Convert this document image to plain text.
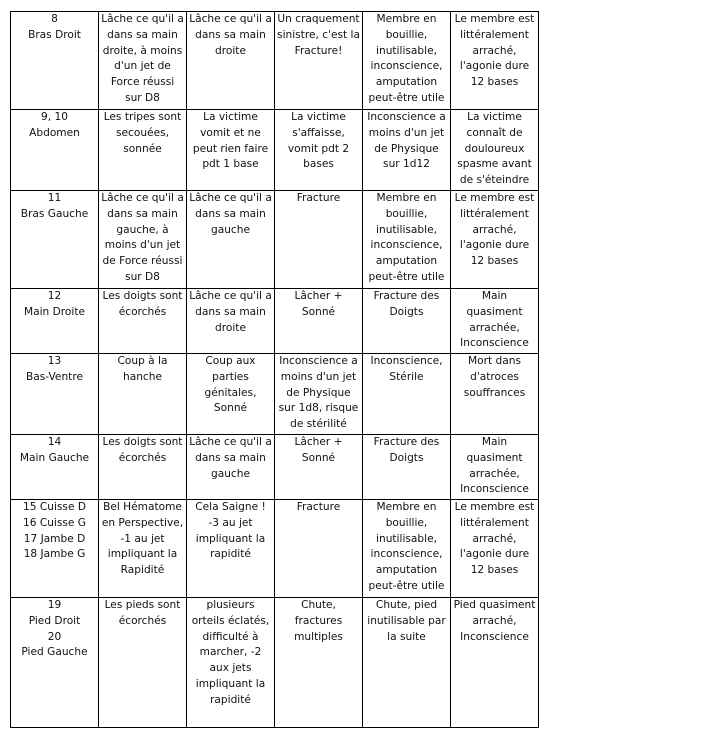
8
Bras Droit	Lâche ce qu'il a dans sa main droite, à moins d'un jet de Force réussi sur D8	Lâche ce qu'il a dans sa main droite	Un craquement sinistre, c'est la Fracture!	Membre en bouillie, inutilisable, inconscience, amputation peut-être utile	Le membre est littéralement arraché, l'agonie dure 12 bases
9, 10
Abdomen	Les tripes sont secouées, sonnée	La victime vomit et ne peut rien faire pdt 1 base	La victime s'affaisse, vomit pdt 2 bases	Inconscience a moins d'un jet de Physique sur 1d12	La victime connaît de douloureux spasme avant de s'éteindre
11
Bras Gauche	Lâche ce qu'il a dans sa main gauche, à moins d'un jet de Force réussi sur D8	Lâche ce qu'il a dans sa main gauche	Fracture	Membre en bouillie, inutilisable, inconscience, amputation peut-être utile	Le membre est littéralement arraché, l'agonie dure 12 bases
12
Main Droite	Les doigts sont écorchés	Lâche ce qu'il a dans sa main droite	Lâcher + Sonné	Fracture des Doigts	Main quasiment arrachée, Inconscience
13
Bas-Ventre	Coup à la hanche	Coup aux parties génitales, Sonné	Inconscience a moins d'un jet de Physique sur 1d8, risque de stérilité	Inconscience, Stérile	Mort dans d'atroces souffrances
14
Main Gauche	Les doigts sont écorchés	Lâche ce qu'il a dans sa main gauche	Lâcher + Sonné	Fracture des Doigts	Main quasiment arrachée, Inconscience
15 Cuisse D
16 Cuisse G
17 Jambe D
18 Jambe G	Bel Hématome en Perspective, -1 au jet impliquant la Rapidité	Cela Saigne ! -3 au jet impliquant la rapidité	Fracture	Membre en bouillie, inutilisable, inconscience, amputation peut-être utile	Le membre est littéralement arraché, l'agonie dure 12 bases
19
Pied Droit
20
Pied Gauche	Les pieds sont écorchés	plusieurs orteils éclatés, difficulté à marcher, -2 aux jets impliquant la rapidité	Chute, fractures multiples	Chute, pied inutilisable par la suite	Pied quasiment arraché, Inconscience
